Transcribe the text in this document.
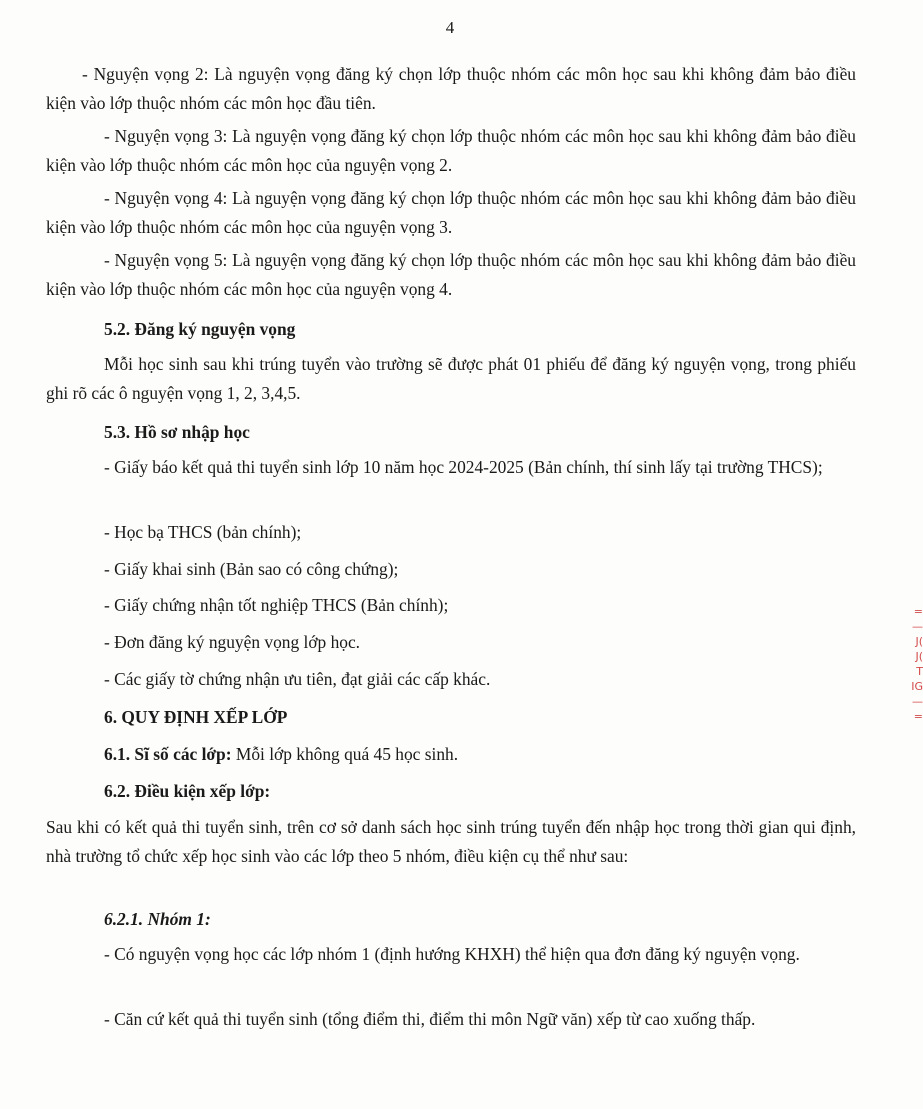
4

- Nguyện vọng 2: Là nguyện vọng đăng ký chọn lớp thuộc nhóm các môn học sau khi không đảm bảo điều kiện vào lớp thuộc nhóm các môn học đầu tiên.

- Nguyện vọng 3: Là nguyện vọng đăng ký chọn lớp thuộc nhóm các môn học sau khi không đảm bảo điều kiện vào lớp thuộc nhóm các môn học của nguyện vọng 2.

- Nguyện vọng 4: Là nguyện vọng đăng ký chọn lớp thuộc nhóm các môn học sau khi không đảm bảo điều kiện vào lớp thuộc nhóm các môn học của nguyện vọng 3.

- Nguyện vọng 5: Là nguyện vọng đăng ký chọn lớp thuộc nhóm các môn học sau khi không đảm bảo điều kiện vào lớp thuộc nhóm các môn học của nguyện vọng 4.

5.2. Đăng ký nguyện vọng

Mỗi học sinh sau khi trúng tuyển vào trường sẽ được phát 01 phiếu để đăng ký nguyện vọng, trong phiếu ghi rõ các ô nguyện vọng 1, 2, 3,4,5.

5.3. Hồ sơ nhập học

- Giấy báo kết quả thi tuyển sinh lớp 10 năm học 2024-2025 (Bản chính, thí sinh lấy tại trường THCS);

- Học bạ THCS (bản chính);

- Giấy khai sinh (Bản sao có công chứng);

- Giấy chứng nhận tốt nghiệp THCS (Bản chính);

- Đơn đăng ký nguyện vọng lớp học.

- Các giấy tờ chứng nhận ưu tiên, đạt giải các cấp khác.

6. QUY ĐỊNH XẾP LỚP

6.1. Sĩ số các lớp: Mỗi lớp không quá 45 học sinh.

6.2. Điều kiện xếp lớp:

Sau khi có kết quả thi tuyển sinh, trên cơ sở danh sách học sinh trúng tuyển đến nhập học trong thời gian qui định, nhà trường tổ chức xếp học sinh vào các lớp theo 5 nhóm, điều kiện cụ thể như sau:

6.2.1. Nhóm 1:

- Có nguyện vọng học các lớp nhóm 1 (định hướng KHXH) thể hiện qua đơn đăng ký nguyện vọng.

- Căn cứ kết quả thi tuyển sinh (tổng điểm thi, điểm thi môn Ngữ văn) xếp từ cao xuống thấp.

=
—
J(
J(
T
IG
—
=
